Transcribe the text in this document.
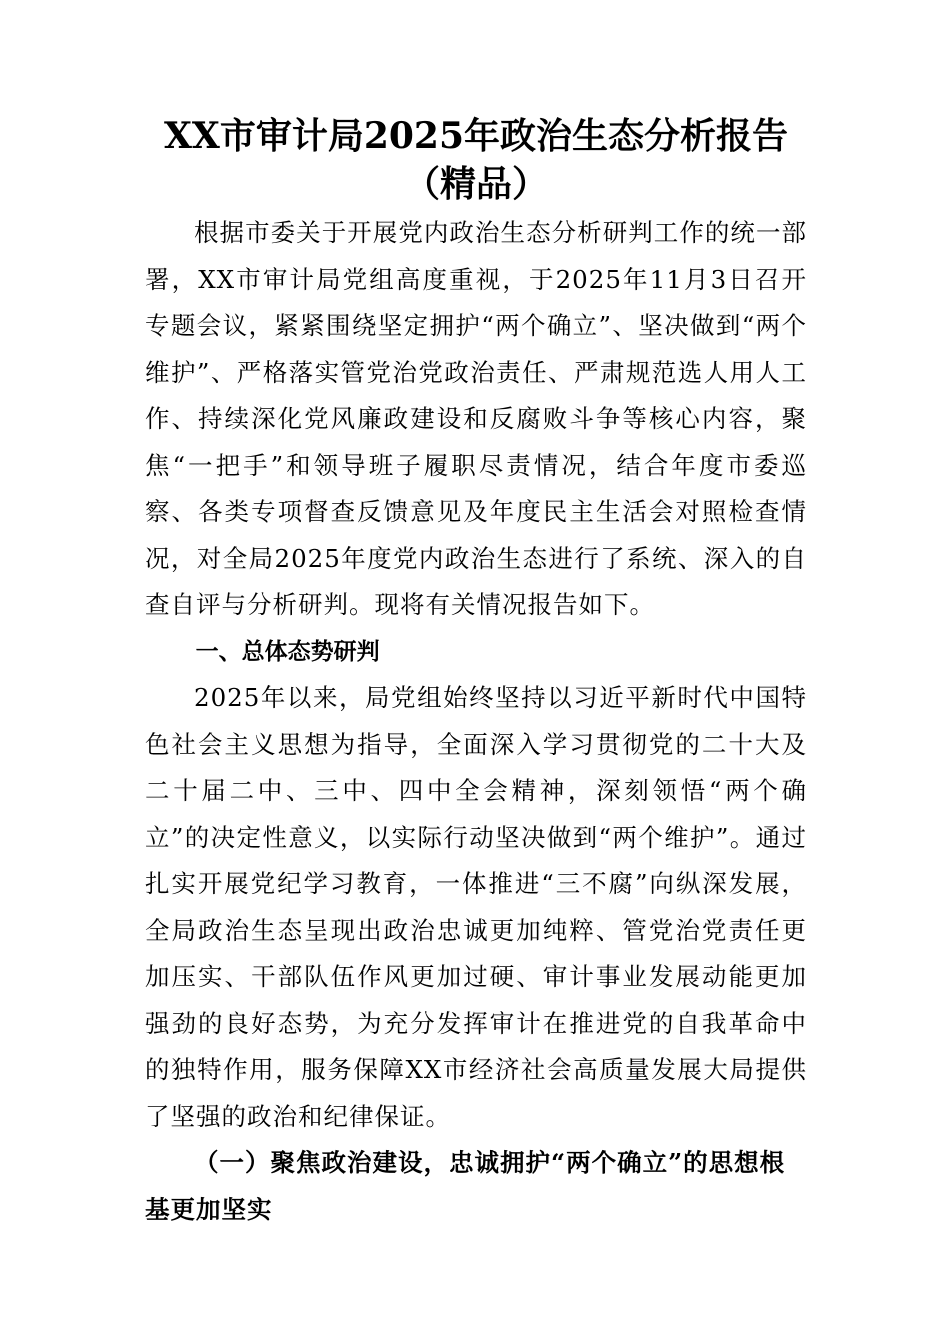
XX市审计局2025年政治生态分析报告
（精品）

根据市委关于开展党内政治生态分析研判工作的统一部署，XX市审计局党组高度重视，于2025年11月3日召开专题会议，紧紧围绕坚定拥护“两个确立”、坚决做到“两个维护”、严格落实管党治党政治责任、严肃规范选人用人工作、持续深化党风廉政建设和反腐败斗争等核心内容，聚焦“一把手”和领导班子履职尽责情况，结合年度市委巡察、各类专项督查反馈意见及年度民主生活会对照检查情况，对全局2025年度党内政治生态进行了系统、深入的自查自评与分析研判。现将有关情况报告如下。

一、总体态势研判

2025年以来，局党组始终坚持以习近平新时代中国特色社会主义思想为指导，全面深入学习贯彻党的二十大及二十届二中、三中、四中全会精神，深刻领悟“两个确立”的决定性意义，以实际行动坚决做到“两个维护”。通过扎实开展党纪学习教育，一体推进“三不腐”向纵深发展，全局政治生态呈现出政治忠诚更加纯粹、管党治党责任更加压实、干部队伍作风更加过硬、审计事业发展动能更加强劲的良好态势，为充分发挥审计在推进党的自我革命中的独特作用，服务保障XX市经济社会高质量发展大局提供了坚强的政治和纪律保证。

（一）聚焦政治建设，忠诚拥护“两个确立”的思想根基更加坚实
